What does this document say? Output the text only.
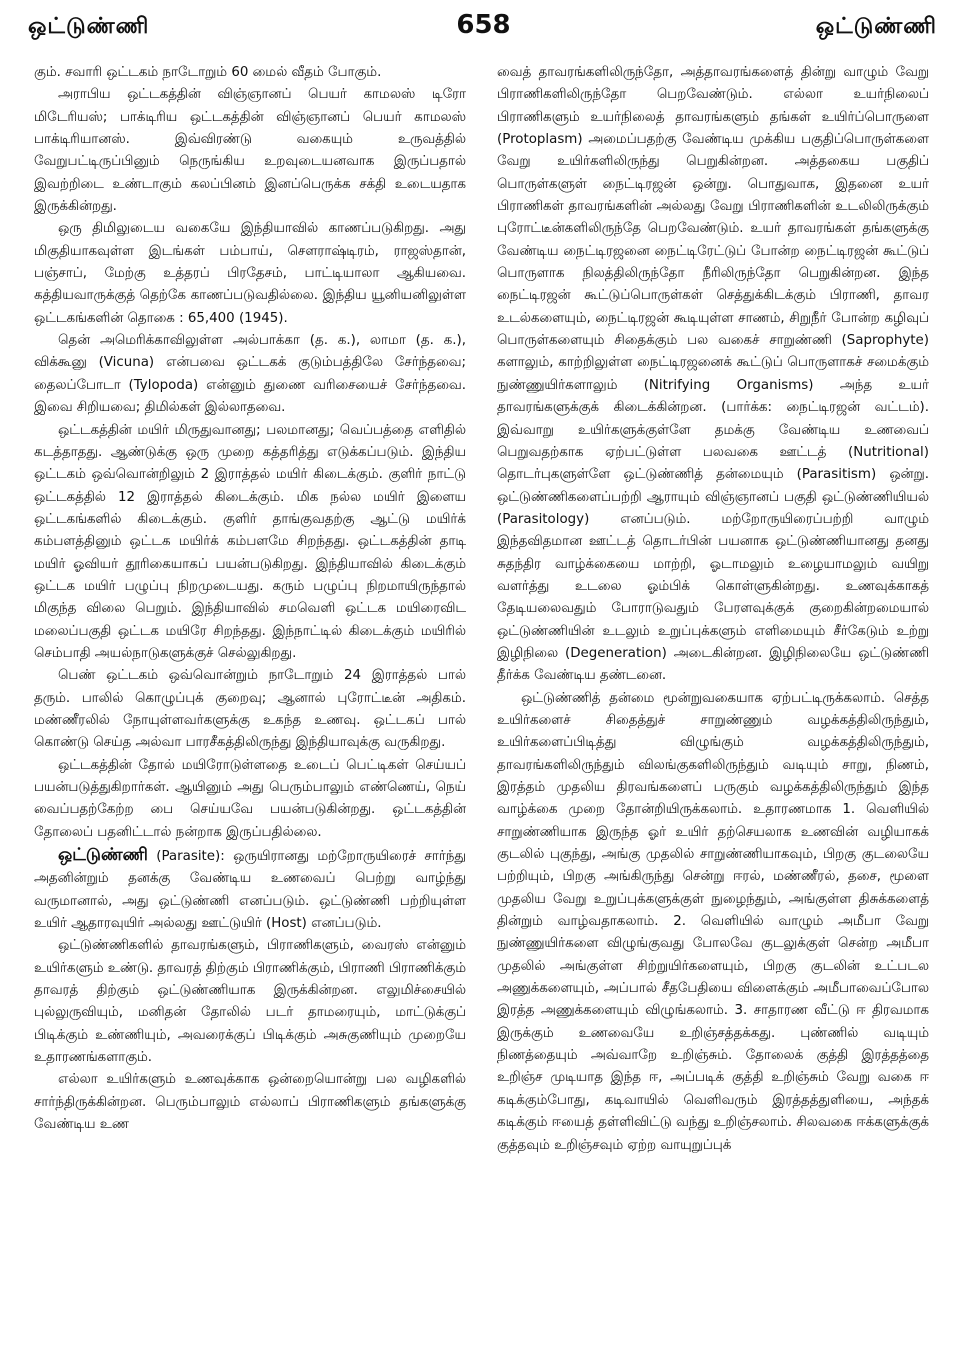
ஒட்டுண்ணி	658	ஒட்டுண்ணி

கும். சவாரி ஒட்டகம் நாடோறும் 60 மைல் வீதம் போகும்.

அராபிய ஒட்டகத்தின் விஞ்ஞானப் பெயர் காமலஸ் டிரோ மிடேரியஸ்; பாக்டிரிய ஒட்டகத்தின் விஞ்ஞானப் பெயர் காமலஸ் பாக்டிரியானஸ். இவ்விரண்டு வகையும் உருவத்தில் வேறுபட்டிருப்பினும் நெருங்கிய உறவுடையனவாக இருப்பதால் இவற்றிடை உண்டாகும் கலப்பினம் இனப்பெருக்க சக்தி உடையதாக இருக்கின்றது.

ஒரு திமிலுடைய வகையே இந்தியாவில் காணப்படுகிறது. அது மிகுதியாகவுள்ள இடங்கள் பம்பாய், சௌராஷ்டிரம், ராஜஸ்தான், பஞ்சாப், மேற்கு உத்தரப் பிரதேசம், பாட்டியாலா ஆகியவை. கத்தியவாருக்குத் தெற்கே காணப்படுவதில்லை. இந்திய யூனியனிலுள்ள ஒட்டகங்களின் தொகை : 65,400 (1945).

தென் அமெரிக்காவிலுள்ள அல்பாக்கா (த. க.), லாமா (த. க.), விக்கூனு (Vicuna) என்பவை ஒட்டகக் குடும்பத்திலே சேர்ந்தவை; தைலப்போடா (Tylopoda) என்னும் துணை வரிசையைச் சேர்ந்தவை. இவை சிறியவை; திமில்கள் இல்லாதவை.

ஒட்டகத்தின் மயிர் மிருதுவானது; பலமானது; வெப்பத்தை எளிதில் கடத்தாதது. ஆண்டுக்கு ஒரு முறை கத்தரித்து எடுக்கப்படும். இந்திய ஒட்டகம் ஒவ்வொன்றிலும் 2 இராத்தல் மயிர் கிடைக்கும். குளிர் நாட்டு ஒட்டகத்தில் 12 இராத்தல் கிடைக்கும். மிக நல்ல மயிர் இளைய ஒட்டகங்களில் கிடைக்கும். குளிர் தாங்குவதற்கு ஆட்டு மயிர்க் கம்பளத்தினும் ஒட்டக மயிர்க் கம்பளமே சிறந்தது. ஒட்டகத்தின் தாடி மயிர் ஓவியர் தூரிகையாகப் பயன்படுகிறது. இந்தியாவில் கிடைக்கும் ஒட்டக மயிர் பழுப்பு நிறமுடையது. கரும் பழுப்பு நிறமாயிருந்தால் மிகுந்த விலை பெறும். இந்தியாவில் சமவெளி ஒட்டக மயிரைவிட மலைப்பகுதி ஒட்டக மயிரே சிறந்தது. இந்நாட்டில் கிடைக்கும் மயிரில் செம்பாதி அயல்நாடுகளுக்குச் செல்லுகிறது.

பெண் ஒட்டகம் ஒவ்வொன்றும் நாடோறும் 24 இராத்தல் பால் தரும். பாலில் கொழுப்புக் குறைவு; ஆனால் புரோட்டீன் அதிகம். மண்ணீரலில் நோயுள்ளவர்களுக்கு உகந்த உணவு. ஒட்டகப் பால் கொண்டு செய்த அல்வா பாரசீகத்திலிருந்து இந்தியாவுக்கு வருகிறது.

ஒட்டகத்தின் தோல் மயிரோடுள்ளதை உடைப் பெட்டிகள் செய்யப் பயன்படுத்துகிறார்கள். ஆயினும் அது பெரும்பாலும் எண்ணெய், நெய் வைப்பதற்கேற்ற பை செய்யவே பயன்படுகின்றது. ஒட்டகத்தின் தோலைப் பதனிட்டால் நன்றாக இருப்பதில்லை.

ஒட்டுண்ணி (Parasite): ஒருயிரானது மற்றோருயிரைச் சார்ந்து அதனின்றும் தனக்கு வேண்டிய உணவைப் பெற்று வாழ்ந்து வருமானால், அது ஒட்டுண்ணி எனப்படும். ஒட்டுண்ணி பற்றியுள்ள உயிர் ஆதாரவுயிர் அல்லது ஊட்டுயிர் (Host) எனப்படும்.

ஒட்டுண்ணிகளில் தாவரங்களும், பிராணிகளும், வைரஸ் என்னும் உயிர்களும் உண்டு. தாவரத் திற்கும் பிராணிக்கும், பிராணி பிராணிக்கும் தாவரத் திற்கும் ஒட்டுண்ணியாக இருக்கின்றன. எலுமிச்சையில் புல்லுருவியும், மனிதன் தோலில் படர் தாமரையும், மாட்டுக்குப் பிடிக்கும் உண்ணியும், அவரைக்குப் பிடிக்கும் அசுகுணியும் முறையே உதாரணங்களாகும்.

எல்லா உயிர்களும் உணவுக்காக ஒன்றையொன்று பல வழிகளில் சார்ந்திருக்கின்றன. பெரும்பாலும் எல்லாப் பிராணிகளும் தங்களுக்கு வேண்டிய உண

வைத் தாவரங்களிலிருந்தோ, அத்தாவரங்களைத் தின்று வாழும் வேறு பிராணிகளிலிருந்தோ பெறவேண்டும். எல்லா உயர்நிலைப் பிராணிகளும் உயர்நிலைத் தாவரங்களும் தங்கள் உயிர்ப்பொருளை (Protoplasm) அமைப்பதற்கு வேண்டிய முக்கிய பகுதிப்பொருள்களை வேறு உயிர்களிலிருந்து பெறுகின்றன. அத்தகைய பகுதிப் பொருள்களுள் நைட்டிரஜன் ஒன்று. பொதுவாக, இதனை உயர் பிராணிகள் தாவரங்களின் அல்லது வேறு பிராணிகளின் உடலிலிருக்கும் புரோட்டீன்களிலிருந்தே பெறவேண்டும். உயர் தாவரங்கள் தங்களுக்கு வேண்டிய நைட்டிரஜனை நைட்டிரேட்டுப் போன்ற நைட்டிரஜன் கூட்டுப் பொருளாக நிலத்திலிருந்தோ நீரிலிருந்தோ பெறுகின்றன. இந்த நைட்டிரஜன் கூட்டுப்பொருள்கள் செத்துக்கிடக்கும் பிராணி, தாவர உடல்களையும், நைட்டிரஜன் கூடியுள்ள சாணம், சிறுநீர் போன்ற கழிவுப் பொருள்களையும் சிதைக்கும் பல வகைச் சாறுண்ணி (Saprophyte) களாலும், காற்றிலுள்ள நைட்டிரஜனைக் கூட்டுப் பொருளாகச் சமைக்கும் நுண்ணுயிர்களாலும் (Nitrifying Organisms) அந்த உயர் தாவரங்களுக்குக் கிடைக்கின்றன. (பார்க்க: நைட்டிரஜன் வட்டம்). இவ்வாறு உயிர்களுக்குள்ளே தமக்கு வேண்டிய உணவைப் பெறுவதற்காக ஏற்பட்டுள்ள பலவகை ஊட்டத் (Nutritional) தொடர்புகளுள்ளே ஒட்டுண்ணித் தன்மையும் (Parasitism) ஒன்று. ஒட்டுண்ணிகளைப்பற்றி ஆராயும் விஞ்ஞானப் பகுதி ஒட்டுண்ணியியல் (Parasitology) எனப்படும். மற்றோருயிரைப்பற்றி வாழும் இந்தவிதமான ஊட்டத் தொடர்பின் பயனாக ஒட்டுண்ணியானது தனது சுதந்திர வாழ்க்கையை மாற்றி, ஓடாமலும் உழையாமலும் வயிறு வளர்த்து உடலை ஓம்பிக் கொள்ளுகின்றது. உணவுக்காகத் தேடியலைவதும் போராடுவதும் பேரளவுக்குக் குறைகின்றமையால் ஒட்டுண்ணியின் உடலும் உறுப்புக்களும் எளிமையும் சீர்கேடும் உற்று இழிநிலை (Degeneration) அடைகின்றன. இழிநிலையே ஒட்டுண்ணி தீர்க்க வேண்டிய தண்டனை.

ஒட்டுண்ணித் தன்மை மூன்றுவகையாக ஏற்பட்டிருக்கலாம். செத்த உயிர்களைச் சிதைத்துச் சாறுண்ணும் வழக்கத்திலிருந்தும், உயிர்களைப்பிடித்து விழுங்கும் வழக்கத்திலிருந்தும், தாவரங்களிலிருந்தும் விலங்குகளிலிருந்தும் வடியும் சாறு, நிணம், இரத்தம் முதலிய திரவங்களைப் பருகும் வழக்கத்திலிருந்தும் இந்த வாழ்க்கை முறை தோன்றியிருக்கலாம். உதாரணமாக 1. வெளியில் சாறுண்ணியாக இருந்த ஓர் உயிர் தற்செயலாக உணவின் வழியாகக் குடலில் புகுந்து, அங்கு முதலில் சாறுண்ணியாகவும், பிறகு குடலையே பற்றியும், பிறகு அங்கிருந்து சென்று ஈரல், மண்ணீரல், தசை, மூளை முதலிய வேறு உறுப்புக்களுக்குள் நுழைந்தும், அங்குள்ள திசுக்களைத் தின்றும் வாழ்வதாகலாம். 2. வெளியில் வாழும் அமீபா வேறு நுண்ணுயிர்களை விழுங்குவது போலவே குடலுக்குள் சென்ற அமீபா முதலில் அங்குள்ள சிற்றுயிர்களையும், பிறகு குடலின் உட்படல அணுக்களையும், அப்பால் சீதபேதியை விளைக்கும் அமீபாவைப்போல இரத்த அணுக்களையும் விழுங்கலாம். 3. சாதாரண வீட்டு ஈ திரவமாக இருக்கும் உணவையே உறிஞ்சத்தக்கது. புண்ணில் வடியும் நிணத்தையும் அவ்வாறே உறிஞ்சும். தோலைக் குத்தி இரத்தத்தை உறிஞ்ச முடியாத இந்த ஈ, அப்படிக் குத்தி உறிஞ்சும் வேறு வகை ஈ கடிக்கும்போது, கடிவாயில் வெளிவரும் இரத்தத்துளியை, அந்தக் கடிக்கும் ஈயைத் தள்ளிவிட்டு வந்து உறிஞ்சலாம். சிலவகை ஈக்களுக்குக் குத்தவும் உறிஞ்சவும் ஏற்ற வாயுறுப்புக்
